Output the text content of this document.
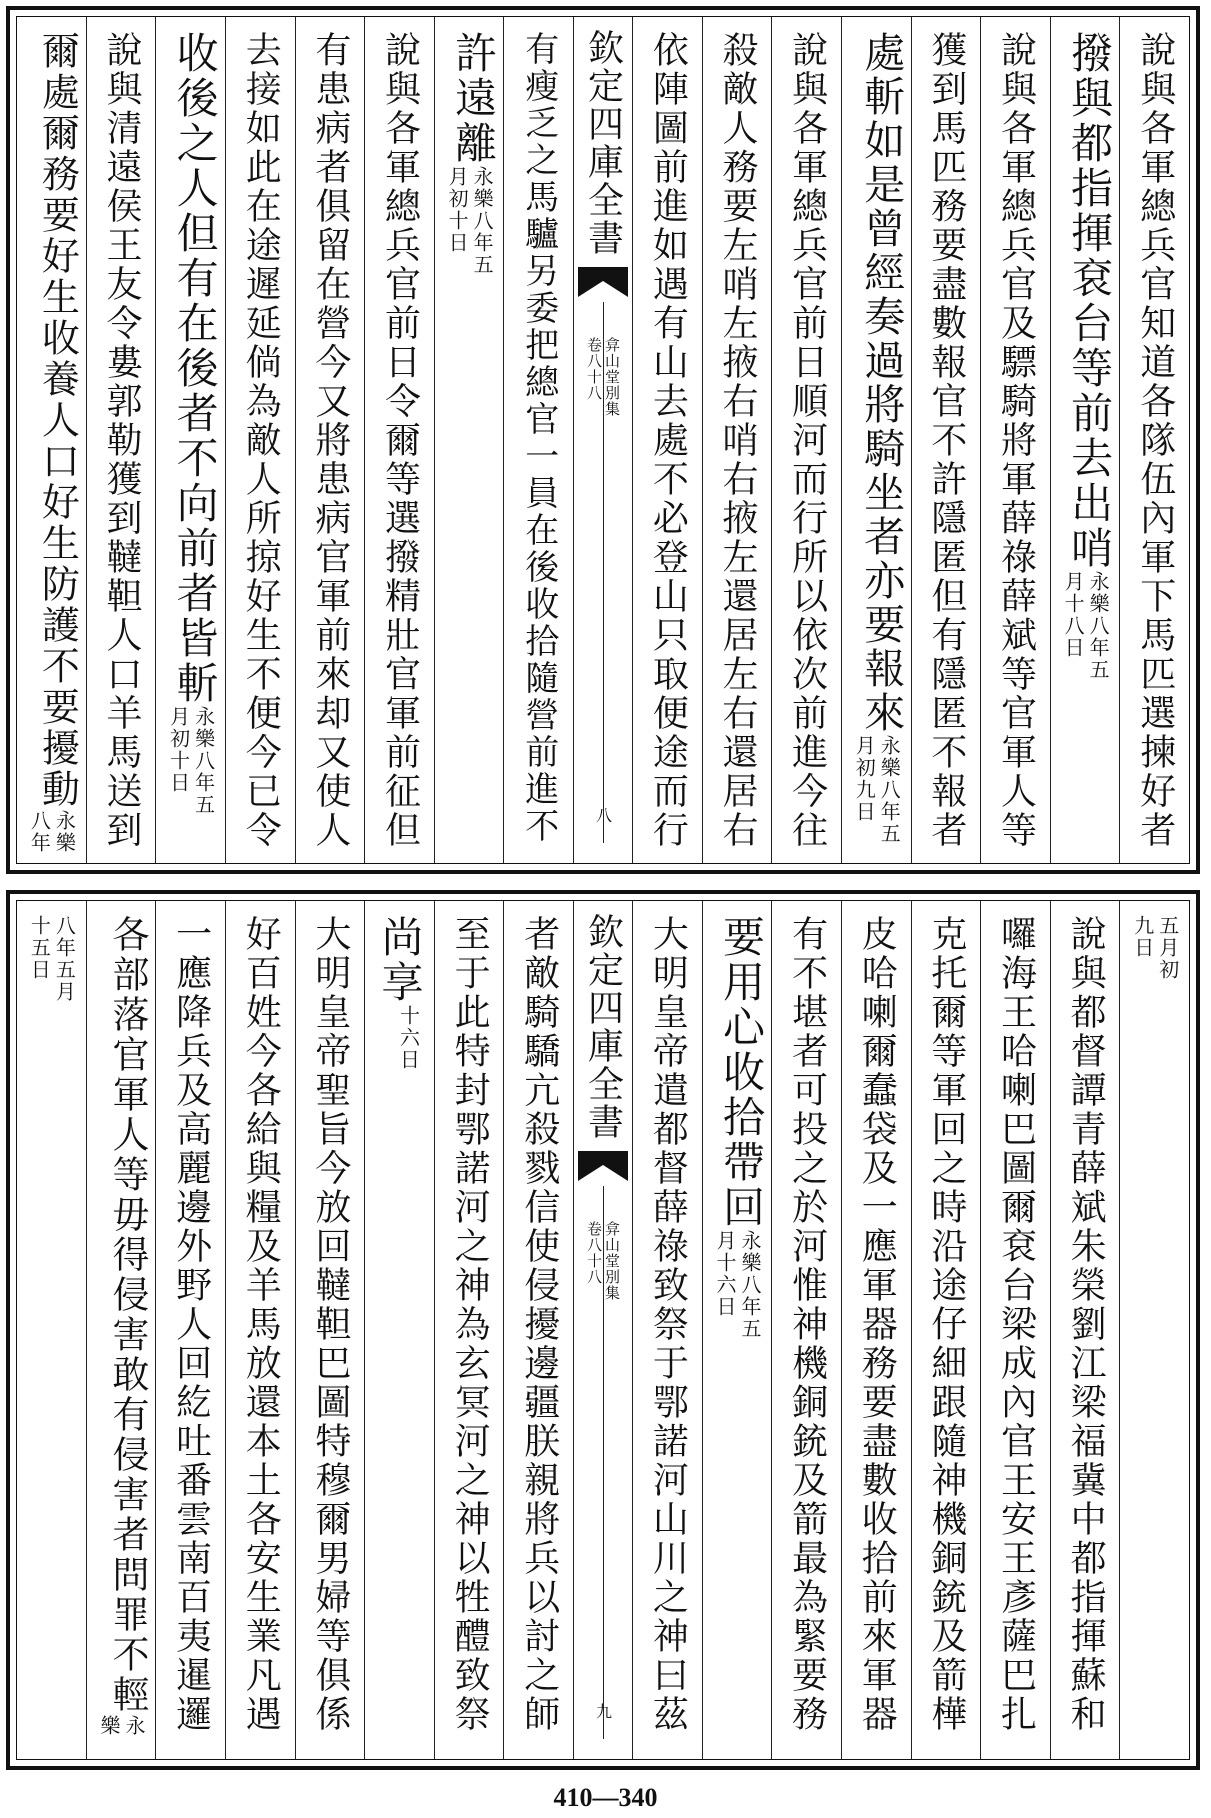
說與各軍總兵官知道各隊伍內軍下馬匹選揀好者
撥與都指揮袞台等前去出哨永樂八年五
月十八日
說與各軍總兵官及驃騎將軍薛祿薛斌等官軍人等
獲到馬匹務要盡數報官不許隱匿但有隱匿不報者
處斬如是曾經奏過將騎坐者亦要報來永樂八年五
月初九日
說與各軍總兵官前日順河而行所以依次前進今往
殺敵人務要左哨左掖右哨右掖左還居左右還居右
依陣圖前進如遇有山去處不必登山只取便途而行
欽定四庫全書
弇山堂別集
卷八十八
八
有瘦乏之馬驢另委把總官一員在後收拾隨營前進不
許遠離永樂八年五
月初十日
說與各軍總兵官前日令爾等選撥精壯官軍前征但
有患病者俱留在營今又將患病官軍前來却又使人
去接如此在途遲延倘為敵人所掠好生不便今已令
收後之人但有在後者不向前者皆斬永樂八年五
月初十日
說與清遠侯王友令婁郭勒獲到韃靼人口羊馬送到
爾處爾務要好生收養人口好生防護不要擾動永樂
八年
五月初
九日
說與都督譚青薛斌朱榮劉江梁福冀中都指揮蘇和
囉海王哈喇巴圖爾袞台梁成內官王安王彥薩巴扎
克托爾等軍回之時沿途仔細跟隨神機銅銃及箭樺
皮哈喇爾蠢袋及一應軍器務要盡數收拾前來軍器
有不堪者可投之於河惟神機銅銃及箭最為緊要務
要用心收拾帶回永樂八年五
月十六日
大明皇帝遣都督薛祿致祭于鄂諾河山川之神曰茲
欽定四庫全書
弇山堂別集
卷八十八
九
者敵騎驕亢殺戮信使侵擾邊疆朕親將兵以討之師
至于此特封鄂諾河之神為玄冥河之神以牲醴致祭
尚享十六日
大明皇帝聖旨今放回韃靼巴圖特穆爾男婦等俱係
好百姓今各給與糧及羊馬放還本土各安生業凡遇
一應降兵及高麗邊外野人回紇吐番雲南百夷暹邏
各部落官軍人等毋得侵害敢有侵害者問罪不輕永
樂
八年五月
十五日
410—340
